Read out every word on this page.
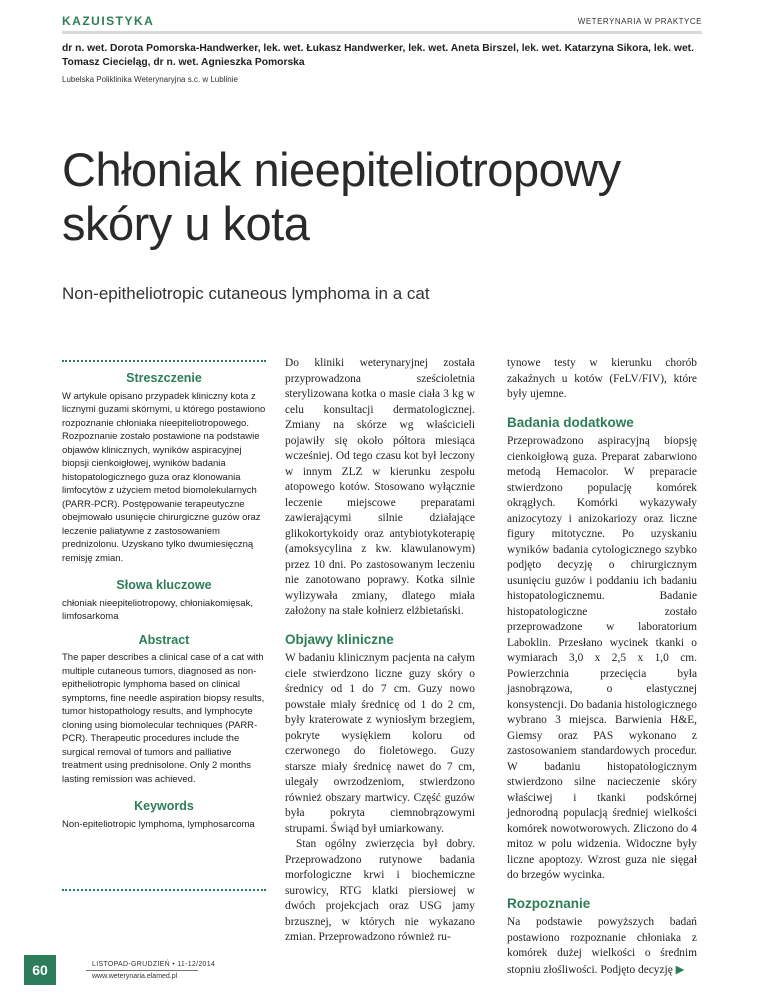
KAZUISTYKA	WETERYNARIA W PRAKTYCE
dr n. wet. Dorota Pomorska-Handwerker, lek. wet. Łukasz Handwerker, lek. wet. Aneta Birszel, lek. wet. Katarzyna Sikora, lek. wet. Tomasz Ciecieląg, dr n. wet. Agnieszka Pomorska
Lubelska Poliklinika Weterynaryjna s.c. w Lublinie
Chłoniak nieepiteliotropowy
skóry u kota
Non-epitheliotropic cutaneous lymphoma in a cat
Streszczenie
W artykule opisano przypadek kliniczny kota z licznymi guzami skórnymi, u którego postawiono rozpoznanie chłoniaka nieepiteliotropowego. Rozpoznanie zostało postawione na podstawie objawów klinicznych, wyników aspiracyjnej biopsji cienkoigłowej, wyników badania histopatologicznego guza oraz klonowania limfocytów z użyciem metod biomolekularnych (PARR-PCR). Postępowanie terapeutyczne obejmowało usunięcie chirurgiczne guzów oraz leczenie paliatywne z zastosowaniem prednizolonu. Uzyskano tylko dwumiesięczną remisję zmian.
Słowa kluczowe
chłoniak nieepiteliotropowy, chłoniakomięsak, limfosarkoma
Abstract
The paper describes a clinical case of a cat with multiple cutaneous tumors, diagnosed as non-epitheliotropic lymphoma based on clinical symptoms, fine needle aspiration biopsy results, tumor histopathology results, and lymphocyte cloning using biomolecular techniques (PARR-PCR). Therapeutic procedures include the surgical removal of tumors and palliative treatment using prednisolone. Only 2 months lasting remission was achieved.
Keywords
Non-epiteliotropic lymphoma, lymphosarcoma

Do kliniki weterynaryjnej została przyprowadzona sześcioletnia sterylizowana kotka o masie ciała 3 kg w celu konsultacji dermatologicznej. Zmiany na skórze wg właścicieli pojawiły się około półtora miesiąca wcześniej. Od tego czasu kot był leczony w innym ZLZ w kierunku zespołu atopowego kotów. Stosowano wyłącznie leczenie miejscowe preparatami zawierającymi silnie działające glikokortykoidy oraz antybiotykoterapię (amoksycylina z kw. klawulanowym) przez 10 dni. Po zastosowanym leczeniu nie zanotowano poprawy. Kotka silnie wylizywała zmiany, dlatego miała założony na stałe kołnierz elżbietański.

Objawy kliniczne

W badaniu klinicznym pacjenta na całym ciele stwierdzono liczne guzy skóry o średnicy od 1 do 7 cm. Guzy nowo powstałe miały średnicę od 1 do 2 cm, były kraterowate z wyniosłym brzegiem, pokryte wysiękiem koloru od czerwonego do fioletowego. Guzy starsze miały średnicę nawet do 7 cm, ulegały owrzodzeniom, stwierdzono również obszary martwicy. Część guzów była pokryta ciemnobrązowymi strupami. Świąd był umiarkowany.

Stan ogólny zwierzęcia był dobry. Przeprowadzono rutynowe badania morfologiczne krwi i biochemiczne surowicy, RTG klatki piersiowej w dwóch projekcjach oraz USG jamy brzusznej, w których nie wykazano zmian. Przeprowadzono również ru-

tynowe testy w kierunku chorób zakaźnych u kotów (FeLV/FIV), które były ujemne.

Badania dodatkowe

Przeprowadzono aspiracyjną biopsję cienkoigłową guza. Preparat zabarwiono metodą Hemacolor. W preparacie stwierdzono populację komórek okrągłych. Komórki wykazywały anizocytozy i anizokariozy oraz liczne figury mitotyczne. Po uzyskaniu wyników badania cytologicznego szybko podjęto decyzję o chirurgicznym usunięciu guzów i poddaniu ich badaniu histopatologicznemu. Badanie histopatologiczne zostało przeprowadzone w laboratorium Laboklin. Przesłano wycinek tkanki o wymiarach 3,0 x 2,5 x 1,0 cm. Powierzchnia przecięcia była jasnobrązowa, o elastycznej konsystencji. Do badania histologicznego wybrano 3 miejsca. Barwienia H&E, Giemsy oraz PAS wykonano z zastosowaniem standardowych procedur. W badaniu histopatologicznym stwierdzono silne nacieczenie skóry właściwej i tkanki podskórnej jednorodną populacją średniej wielkości komórek nowotworowych. Zliczono do 4 mitoz w polu widzenia. Widoczne były liczne apoptozy. Wzrost guza nie sięgał do brzegów wycinka.

Rozpoznanie

Na podstawie powyższych badań postawiono rozpoznanie chłoniaka z komórek dużej wielkości o średnim stopniu złośliwości. Podjęto decyzję ▶

60	LISTOPAD-GRUDZIEŃ • 11-12/2014
www.weterynaria.elamed.pl
